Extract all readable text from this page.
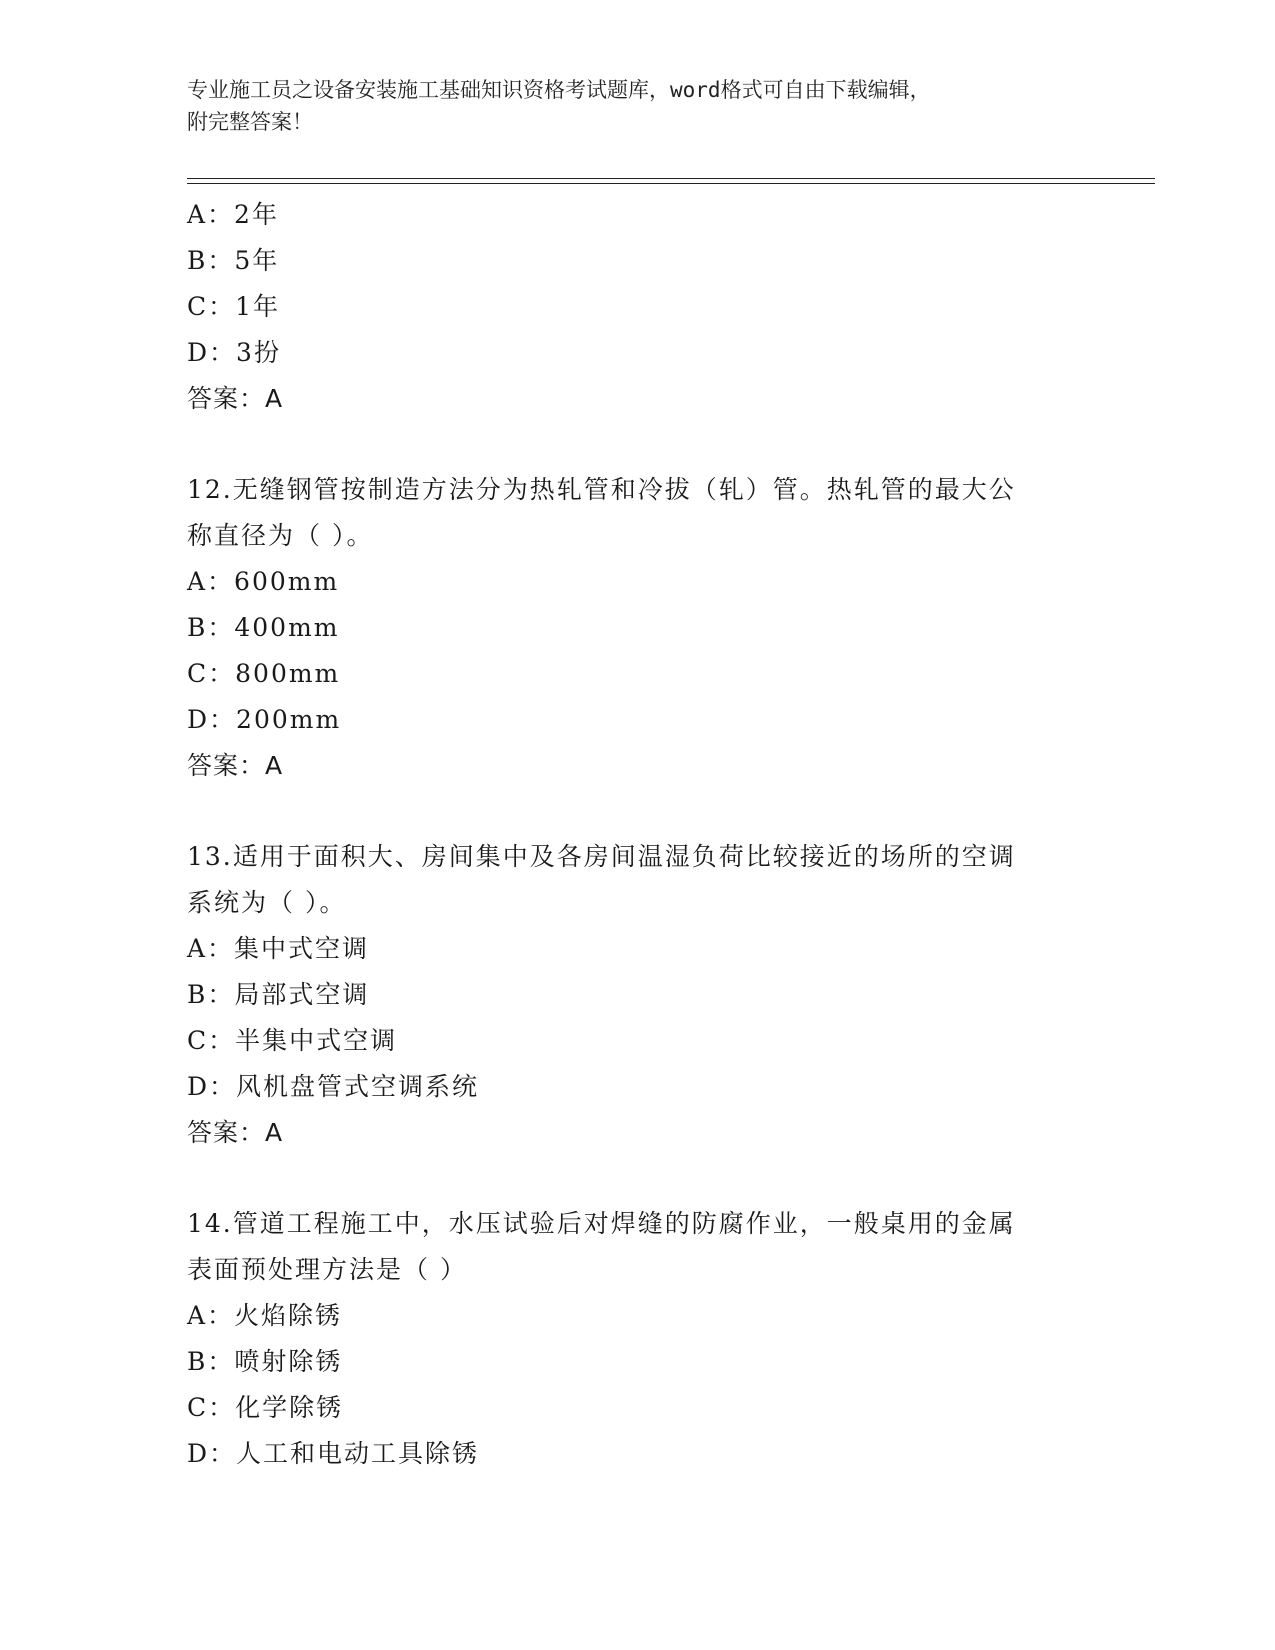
专业施工员之设备安装施工基础知识资格考试题库，word格式可自由下载编辑，
附完整答案！
A：2年
B：5年
C：1年
D：3扮
答案：A
12.无缝钢管按制造方法分为热轧管和冷拔（轧）管。热轧管的最大公
称直径为（ ）。
A：600mm
B：400mm
C：800mm
D：200mm
答案：A
13.适用于面积大、房间集中及各房间温湿负荷比较接近的场所的空调
系统为（ ）。
A：集中式空调
B：局部式空调
C：半集中式空调
D：风机盘管式空调系统
答案：A
14.管道工程施工中，水压试验后对焊缝的防腐作业，一般桌用的金属
表面预处理方法是（ ）
A：火焰除锈
B：喷射除锈
C：化学除锈
D：人工和电动工具除锈
